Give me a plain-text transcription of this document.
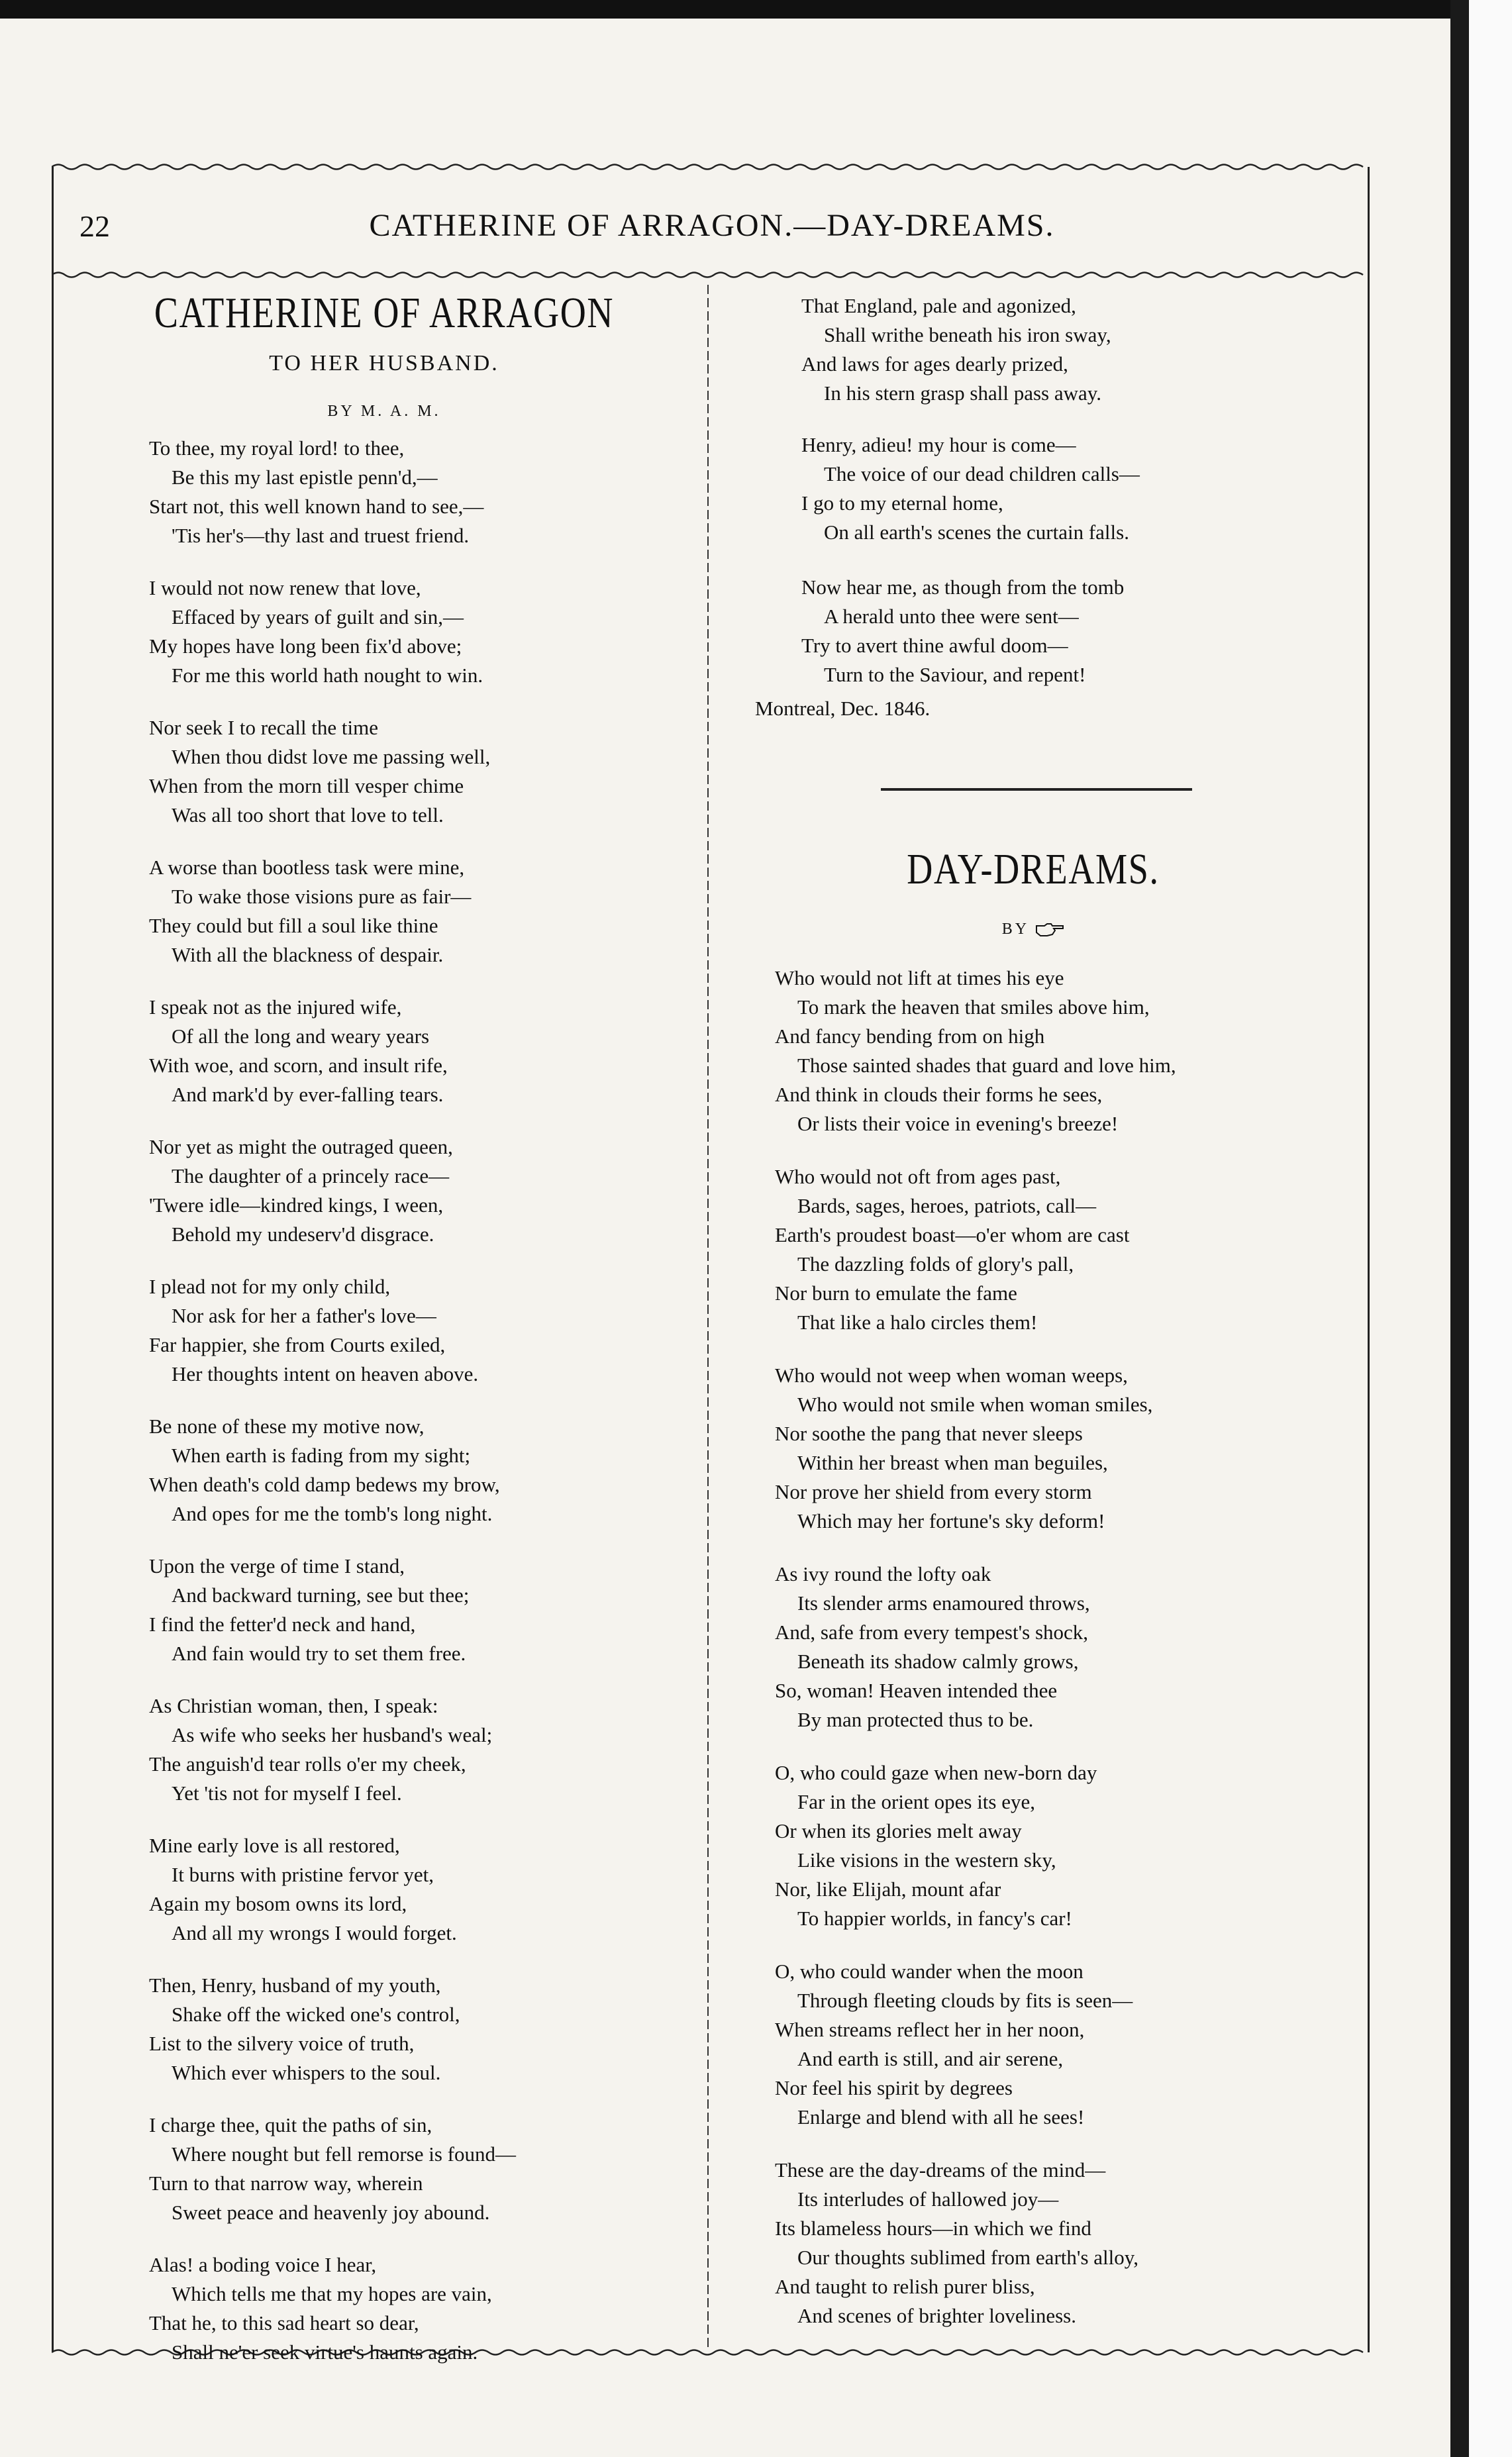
22	CATHERINE OF ARRAGON.—DAY-DREAMS.
CATHERINE OF ARRAGON
TO HER HUSBAND.
BY M. A. M.
To thee, my royal lord! to thee,
Be this my last epistle penn'd,—
Start not, this well known hand to see,—
'Tis her's—thy last and truest friend.
I would not now renew that love,
Effaced by years of guilt and sin,—
My hopes have long been fix'd above;
For me this world hath nought to win.
Nor seek I to recall the time
When thou didst love me passing well,
When from the morn till vesper chime
Was all too short that love to tell.
A worse than bootless task were mine,
To wake those visions pure as fair—
They could but fill a soul like thine
With all the blackness of despair.
I speak not as the injured wife,
Of all the long and weary years
With woe, and scorn, and insult rife,
And mark'd by ever-falling tears.
Nor yet as might the outraged queen,
The daughter of a princely race—
'Twere idle—kindred kings, I ween,
Behold my undeserv'd disgrace.
I plead not for my only child,
Nor ask for her a father's love—
Far happier, she from Courts exiled,
Her thoughts intent on heaven above.
Be none of these my motive now,
When earth is fading from my sight;
When death's cold damp bedews my brow,
And opes for me the tomb's long night.
Upon the verge of time I stand,
And backward turning, see but thee;
I find the fetter'd neck and hand,
And fain would try to set them free.
As Christian woman, then, I speak:
As wife who seeks her husband's weal;
The anguish'd tear rolls o'er my cheek,
Yet 'tis not for myself I feel.
Mine early love is all restored,
It burns with pristine fervor yet,
Again my bosom owns its lord,
And all my wrongs I would forget.
Then, Henry, husband of my youth,
Shake off the wicked one's control,
List to the silvery voice of truth,
Which ever whispers to the soul.
I charge thee, quit the paths of sin,
Where nought but fell remorse is found—
Turn to that narrow way, wherein
Sweet peace and heavenly joy abound.
Alas! a boding voice I hear,
Which tells me that my hopes are vain,
That he, to this sad heart so dear,
Shall ne'er seek virtue's haunts again.
That England, pale and agonized,
Shall writhe beneath his iron sway,
And laws for ages dearly prized,
In his stern grasp shall pass away.
Henry, adieu! my hour is come—
The voice of our dead children calls—
I go to my eternal home,
On all earth's scenes the curtain falls.
Now hear me, as though from the tomb
A herald unto thee were sent—
Try to avert thine awful doom—
Turn to the Saviour, and repent!
Montreal, Dec. 1846.
DAY-DREAMS.
BY
Who would not lift at times his eye
To mark the heaven that smiles above him,
And fancy bending from on high
Those sainted shades that guard and love him,
And think in clouds their forms he sees,
Or lists their voice in evening's breeze!
Who would not oft from ages past,
Bards, sages, heroes, patriots, call—
Earth's proudest boast—o'er whom are cast
The dazzling folds of glory's pall,
Nor burn to emulate the fame
That like a halo circles them!
Who would not weep when woman weeps,
Who would not smile when woman smiles,
Nor soothe the pang that never sleeps
Within her breast when man beguiles,
Nor prove her shield from every storm
Which may her fortune's sky deform!
As ivy round the lofty oak
Its slender arms enamoured throws,
And, safe from every tempest's shock,
Beneath its shadow calmly grows,
So, woman! Heaven intended thee
By man protected thus to be.
O, who could gaze when new-born day
Far in the orient opes its eye,
Or when its glories melt away
Like visions in the western sky,
Nor, like Elijah, mount afar
To happier worlds, in fancy's car!
O, who could wander when the moon
Through fleeting clouds by fits is seen—
When streams reflect her in her noon,
And earth is still, and air serene,
Nor feel his spirit by degrees
Enlarge and blend with all he sees!
These are the day-dreams of the mind—
Its interludes of hallowed joy—
Its blameless hours—in which we find
Our thoughts sublimed from earth's alloy,
And taught to relish purer bliss,
And scenes of brighter loveliness.
